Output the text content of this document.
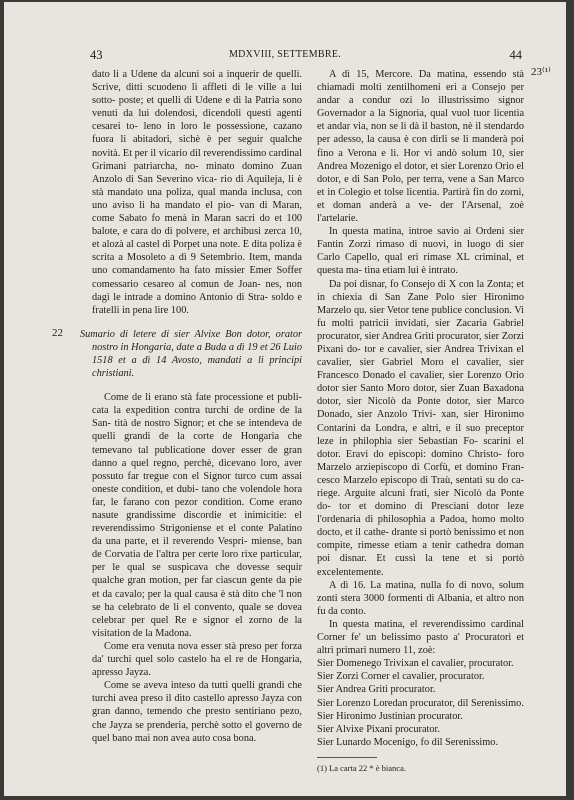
43	MDXVIII, SETTEMBRE.	44
23⁽¹⁾
22

dato li a Udene da alcuni soi a inquerir de quelli. Scrive, ditti scuodeno li affleti di le ville a lui sotto- poste; et quelli di Udene e di la Patria sono venuti da lui dolendosi, dicendoli questi agenti cesarei to- leno in loro le possessione, cazano fuora li abitadori, sichè è per seguir qualche novità. Et per il vicario dil reverendissimo cardinal Grimani patriarcha, no- minato domino Zuan Anzolo di San Severino vica- rio di Aquileja, li è stà mandato una poliza, qual manda inclusa, con uno aviso li ha mandato el pio- van di Maran, come Sabato fo menà in Maran sacri do et 100 balote, e cara do di polvere, et archibusi zerca 10, et alozà al castel di Porpet una note. E dita poliza è scrita a Mosoleto a dì 9 Setembrio. Item, manda uno comandamento ha fato missier Emer Soffer comessario cesareo al comun de Joan- nes, non dagi le intrade a domino Antonio di Stra- soldo e fratelli in pena lire 100.

Sumario di letere di sier Alvixe Bon dotor, orator nostro in Hongaria, date a Buda a dì 19 et 26 Luio 1518 et a dì 14 Avosto, mandati a li principi christiani.

Come de li erano stà fate processione et publi- cata la expedition contra turchi de ordine de la San- tità de nostro Signor; et che se intendeva de quelli grandi de la corte de Hongaria che temevano tal publicatione dover esser de gran danno a quel regno, perchè, dicevano loro, aver possuto far tregue con el Signor turco cum assai oneste condition, et dubi- tano che volendole hora far, le farano con pezor condition. Come erano nasute grandissime discordie et inimicitie: el reverendissimo Strigoniense et el conte Palatino da una parte, et il reverendo Vespri- miense, ban de Corvatia de l'altra per certe loro rixe particular, per le qual se suspicava che dovesse sequir qualche gran motion, per far ciascun gente da pie et da cavalo; per la qual causa è stà dito che 'l non se ha celebrato de li el convento, quale se dovea celebrar per quel Re e signor el zorno de la visitation de la Madona.

Come era venuta nova esser stà preso per forza da' turchi quel solo castelo ha el re de Hongaria, apresso Jayza.

Come se aveva inteso da tutti quelli grandi che turchi avea preso il dito castello apresso Jayza con gran danno, temendo che presto sentiriano pezo, che Jayza se prenderia, perchè sotto el governo de quel bano mai non avea auto cosa bona.

A dì 15, Mercore. Da matina, essendo stà chiamadi molti zentilhomeni eri a Consejo per andar a condur ozi lo illustrissimo signor Governador a la Signoria, qual vuol tuor licentia et andar via, non se li dà il baston, nè il stendardo per adesso, la causa è con dirli se li manderà poi fino a Verona e li. Hor vi andò solum 10, sier Andrea Mozenigo el dotor, et sier Lorenzo Orio el dotor, e di San Polo, per terra, vene a San Marco et in Colegio et tolse licentia. Partirà fin do zorni, et doman anderà a ve- der l'Arsenal, zoè l'artelarie.

In questa matina, introe savio ai Ordeni sier Fantin Zorzi rimaso di nuovi, in luogo di sier Carlo Capello, qual eri rimase XL criminal, et questa ma- tina etiam lui è intrato.

Da poi disnar, fo Consejo di X con la Zonta; et in chiexia di San Zane Polo sier Hironimo Marzelo qu. sier Vetor tene publice conclusion. Vi fu molti patricii invidati, sier Zacaria Gabriel procurator, sier Andrea Griti procurator, sier Zorzi Pixani do- tor e cavalier, sier Andrea Trivixan el cavalier, sier Gabriel Moro el cavalier, sier Francesco Donado el cavalier, sier Lorenzo Orio dotor sier Santo Moro dotor, sier Zuan Baxadona dotor, sier Nicolò da Ponte dotor, sier Marco Donado, sier Anzolo Trivi- xan, sier Hironimo Contarini da Londra, e altri, e il suo preceptor leze in philophia sier Sebastian Fo- scarini el dotor. Eravi do episcopi: domino Christo- foro Marzelo arziepiscopo di Corfù, et domino Fran- cesco Marzelo episcopo di Traù, sentati su do ca- riege. Arguite alcuni frati, sier Nicolò da Ponte do- tor et domino di Presciani dotor leze l'ordenaria di philosophia a Padoa, homo molto docto, et il cathe- drante si portò benissimo et non compite, rimesse etiam a tenir cathedra doman poi disnar. Et cussì la tene et si portò excelentemente.

A dì 16. La matina, nulla fo di novo, solum zonti stera 3000 formenti di Albania, et altro non fu da conto.

In questa matina, el reverendissimo cardinal Corner fe' un belissimo pasto a' Procuratori et altri primari numero 11, zoè:

Sier Domenego Trivixan el cavalier, procurator.

Sier Zorzi Corner el cavalier, procurator.

Sier Andrea Griti procurator.

Sier Lorenzo Loredan procurator, dil Serenissimo.

Sier Hironimo Justinian procurator.

Sier Alvixe Pixani procurator.

Sier Lunardo Mocenigo, fo dil Serenissimo.

(1) La carta 22 * è bianca.
